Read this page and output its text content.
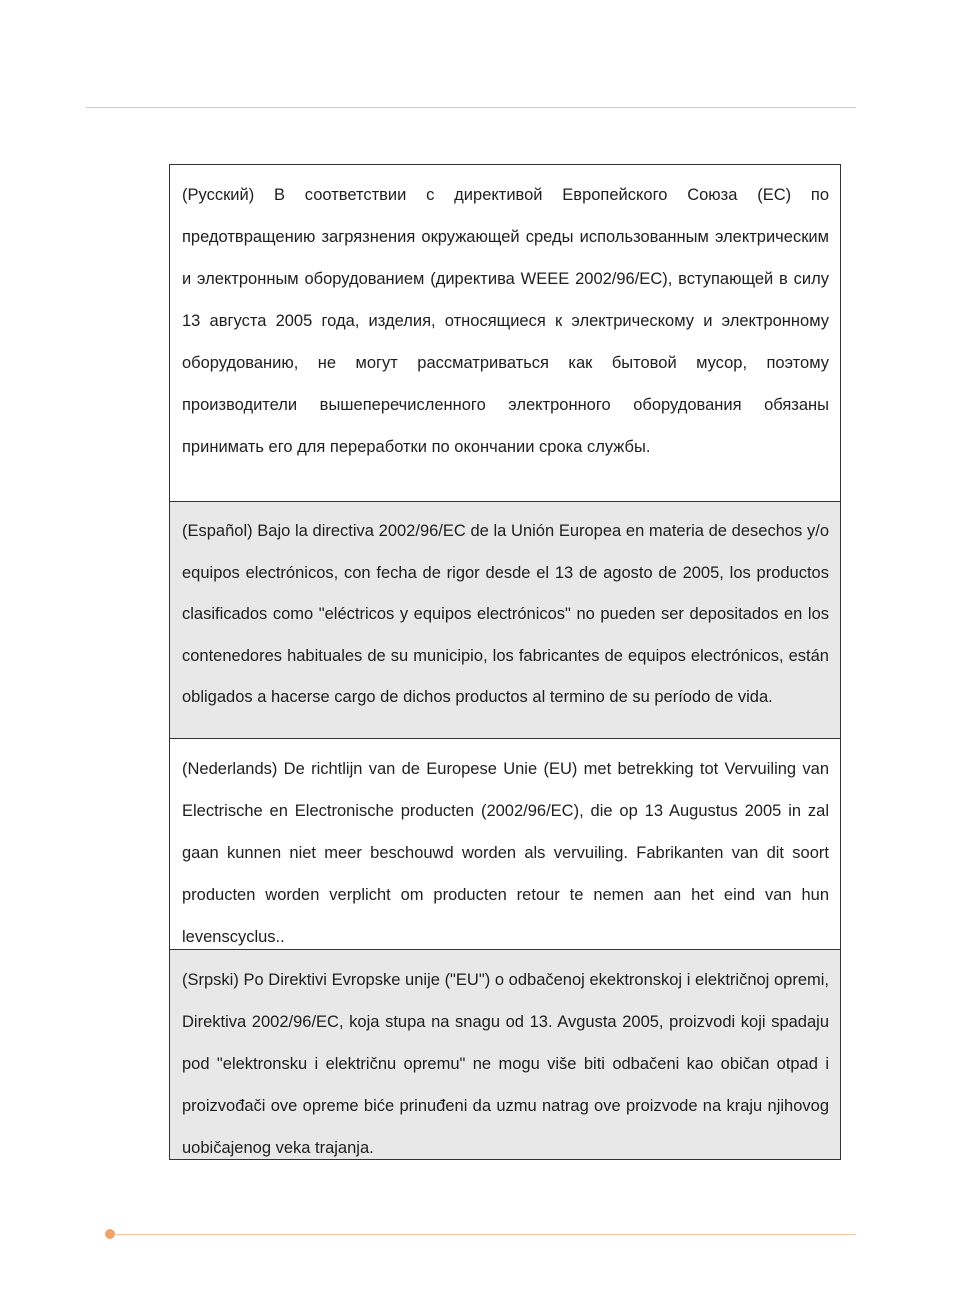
(Русский) В соответствии с директивой Европейского Союза (ЕС) по предотвращению загрязнения окружающей среды использованным электрическим и электронным оборудованием (директива WEEE 2002/96/EC), вступающей в силу 13 августа 2005 года, изделия, относящиеся к электрическому и электронному оборудованию, не могут рассматриваться как бытовой мусор, поэтому производители вышеперечисленного электронного оборудования обязаны принимать его для переработки по окончании срока службы.
(Español) Bajo la directiva 2002/96/EC de la Unión Europea en materia de desechos y/o equipos electrónicos, con fecha de rigor desde el 13 de agosto de 2005, los productos clasificados como "eléctricos y equipos electrónicos" no pueden ser depositados en los contenedores habituales de su municipio, los fabricantes de equipos electrónicos, están obligados a hacerse cargo de dichos productos al termino de su período de vida.
(Nederlands) De richtlijn van de Europese Unie (EU) met betrekking tot Vervuiling van Electrische en Electronische producten (2002/96/EC), die op 13 Augustus 2005 in zal gaan kunnen niet meer beschouwd worden als vervuiling. Fabrikanten van dit soort producten worden verplicht om producten retour te nemen aan het eind van hun levenscyclus..
(Srpski) Po Direktivi Evropske unije ("EU") o odbačenoj ekektronskoj i električnoj opremi, Direktiva 2002/96/EC, koja stupa na snagu od 13. Avgusta 2005, proizvodi koji spadaju pod "elektronsku i električnu opremu" ne mogu više biti odbačeni kao običan otpad i proizvođači ove opreme biće prinuđeni da uzmu natrag ove proizvode na kraju njihovog uobičajenog veka trajanja.
